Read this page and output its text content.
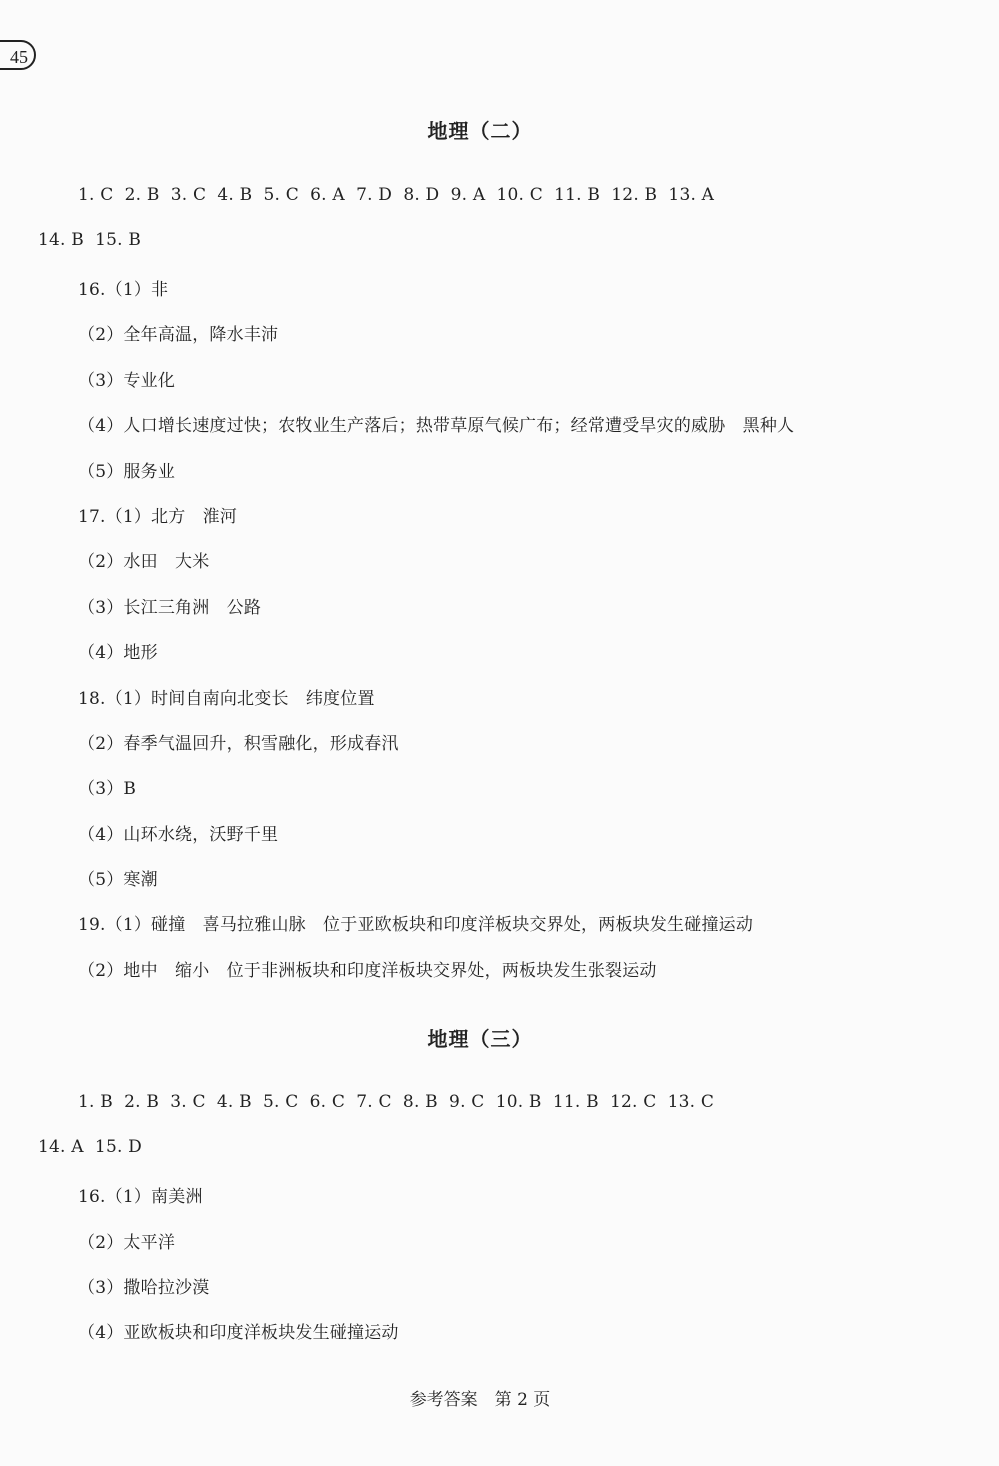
45
地理（二）
1. C  2. B  3. C  4. B  5. C  6. A  7. D  8. D  9. A  10. C  11. B  12. B  13. A
14. B  15. B
16.（1）非
（2）全年高温，降水丰沛
（3）专业化
（4）人口增长速度过快；农牧业生产落后；热带草原气候广布；经常遭受旱灾的威胁　黑种人
（5）服务业
17.（1）北方　淮河
（2）水田　大米
（3）长江三角洲　公路
（4）地形
18.（1）时间自南向北变长　纬度位置
（2）春季气温回升，积雪融化，形成春汛
（3）B
（4）山环水绕，沃野千里
（5）寒潮
19.（1）碰撞　喜马拉雅山脉　位于亚欧板块和印度洋板块交界处，两板块发生碰撞运动
（2）地中　缩小　位于非洲板块和印度洋板块交界处，两板块发生张裂运动
地理（三）
1. B  2. B  3. C  4. B  5. C  6. C  7. C  8. B  9. C  10. B  11. B  12. C  13. C
14. A  15. D
16.（1）南美洲
（2）太平洋
（3）撒哈拉沙漠
（4）亚欧板块和印度洋板块发生碰撞运动
参考答案　第 2 页
